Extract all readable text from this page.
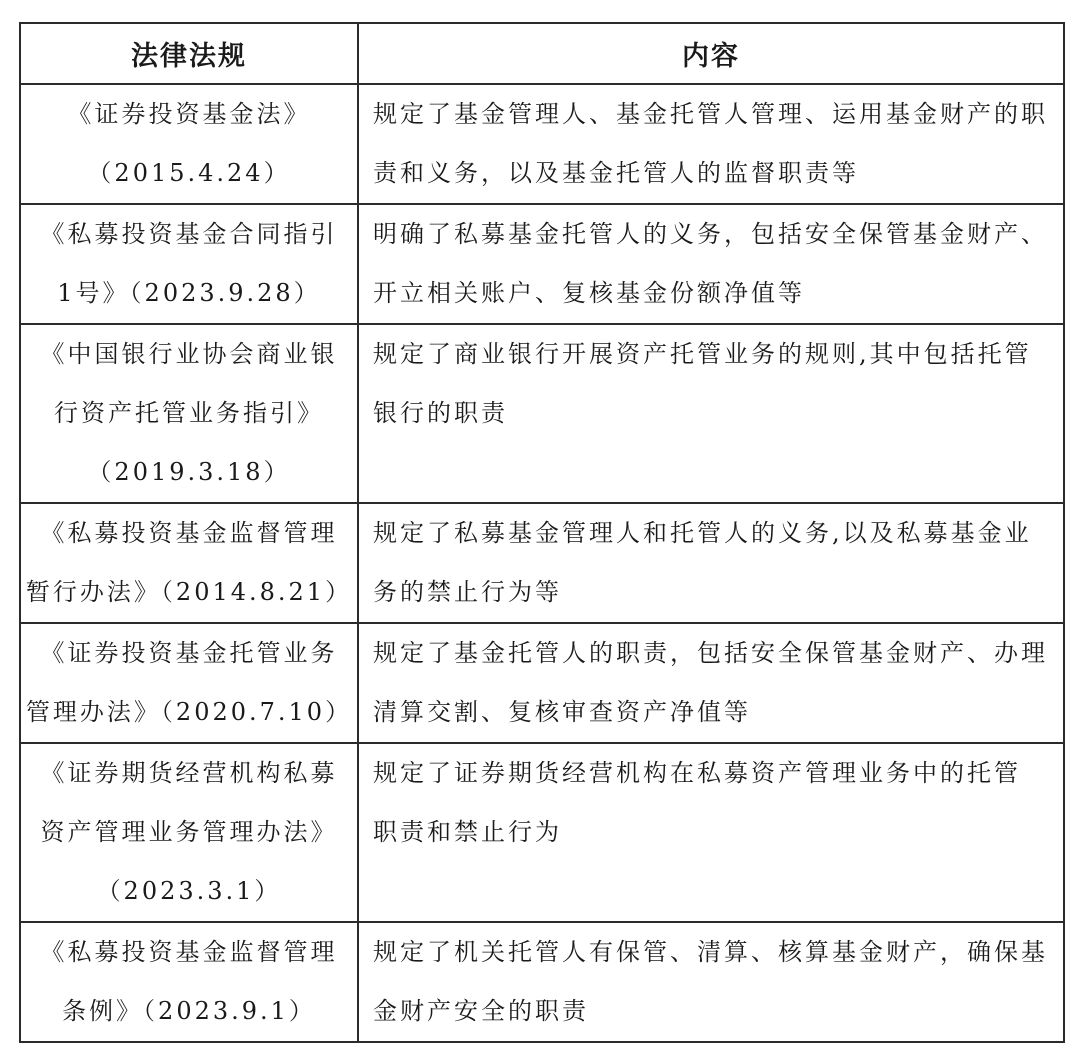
法律法规	内容

《证券投资基金法》
（2015.4.24）	规定了基金管理人、基金托管人管理、运用基金财产的职
责和义务，以及基金托管人的监督职责等

《私募投资基金合同指引
1号》（2023.9.28）	明确了私募基金托管人的义务，包括安全保管基金财产、
开立相关账户、复核基金份额净值等

《中国银行业协会商业银
行资产托管业务指引》
（2019.3.18）	规定了商业银行开展资产托管业务的规则,其中包括托管
银行的职责

《私募投资基金监督管理
暂行办法》（2014.8.21）	规定了私募基金管理人和托管人的义务,以及私募基金业
务的禁止行为等

《证券投资基金托管业务
管理办法》（2020.7.10）	规定了基金托管人的职责，包括安全保管基金财产、办理
清算交割、复核审查资产净值等

《证券期货经营机构私募
资产管理业务管理办法》
（2023.3.1）	规定了证券期货经营机构在私募资产管理业务中的托管
职责和禁止行为

《私募投资基金监督管理
条例》（2023.9.1）	规定了机关托管人有保管、清算、核算基金财产，确保基
金财产安全的职责
